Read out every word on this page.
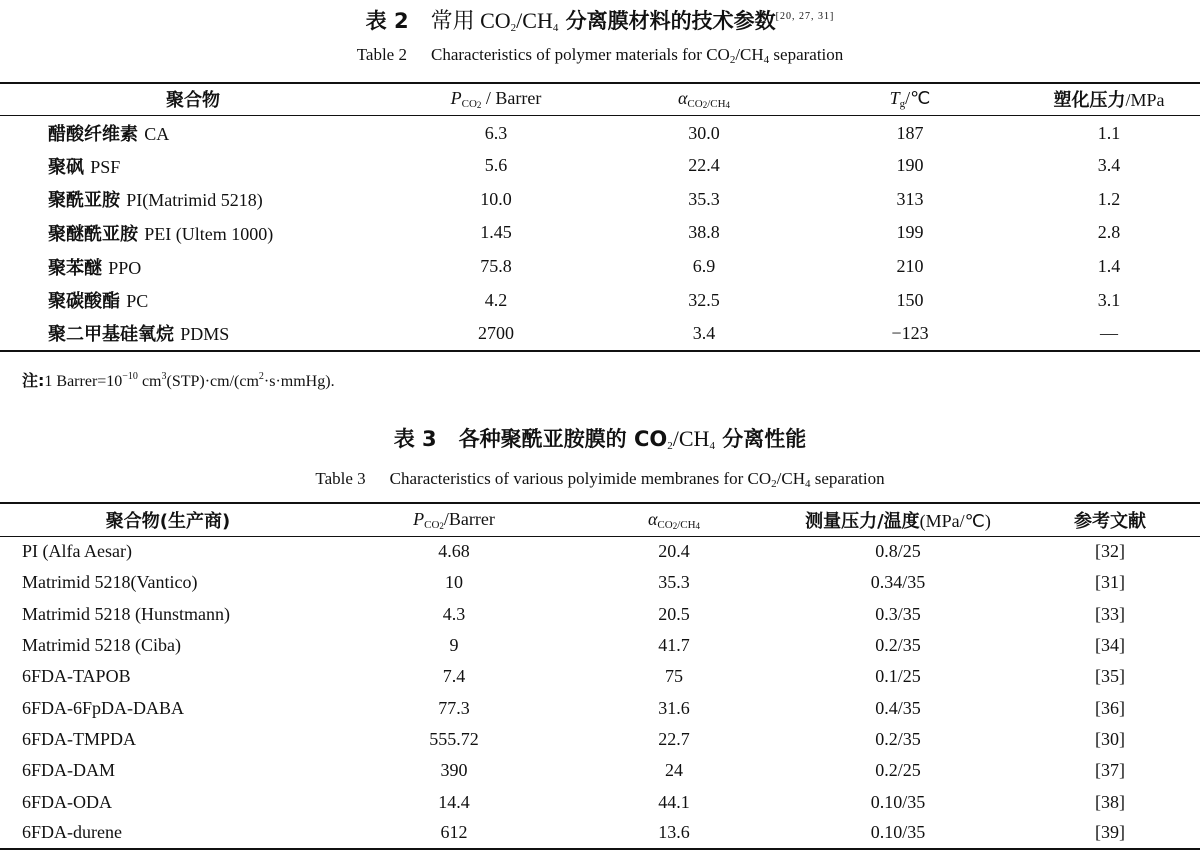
表 2 常用 $CO_2/CH_4$ 分离膜材料的技术参数[20, 27, 31]
Table 2 Characteristics of polymer materials for $CO_2/CH_4$ separation
聚合物	$P_{CO2}$ / Barrer	$\alpha_{CO2/CH4}$	$T_g/℃$	塑化压力/MPa
醋酸纤维素 CA	6.3	30.0	187	1.1
聚砜 PSF	5.6	22.4	190	3.4
聚酰亚胺 PI(Matrimid 5218)	10.0	35.3	313	1.2
聚醚酰亚胺 PEI (Ultem 1000)	1.45	38.8	199	2.8
聚苯醚 PPO	75.8	6.9	210	1.4
聚碳酸酯 PC	4.2	32.5	150	3.1
聚二甲基硅氧烷 PDMS	2700	3.4	−123	—
注:1 $Barrer=10^{-10}$ $cm^3(STP)\cdot cm/(cm^2\cdot s\cdot mmHg)$.
表 3 各种聚酰亚胺膜的 $CO_2/CH_4$ 分离性能
Table 3 Characteristics of various polyimide membranes for $CO_2/CH_4$ separation
聚合物(生产商)	$P_{CO2}$/Barrer	$\alpha_{CO2/CH4}$	测量压力/温度(MPa/℃)	参考文献
PI (Alfa Aesar)	4.68	20.4	0.8/25	[32]
Matrimid 5218(Vantico)	10	35.3	0.34/35	[31]
Matrimid 5218 (Hunstmann)	4.3	20.5	0.3/35	[33]
Matrimid 5218 (Ciba)	9	41.7	0.2/35	[34]
6FDA-TAPOB	7.4	75	0.1/25	[35]
6FDA-6FpDA-DABA	77.3	31.6	0.4/35	[36]
6FDA-TMPDA	555.72	22.7	0.2/35	[30]
6FDA-DAM	390	24	0.2/25	[37]
6FDA-ODA	14.4	44.1	0.10/35	[38]
6FDA-durene	612	13.6	0.10/35	[39]
